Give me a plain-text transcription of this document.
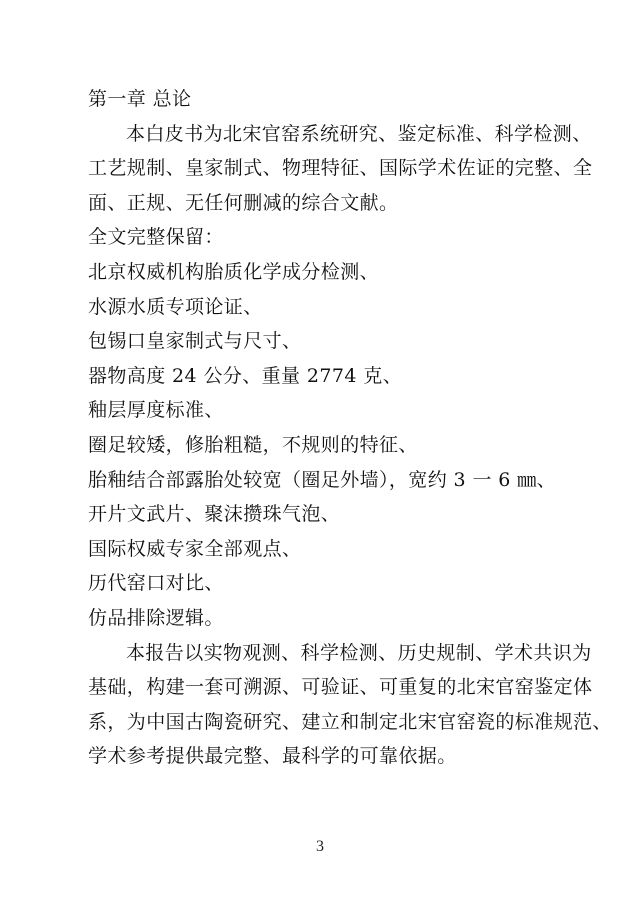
第一章 总论

本白皮书为北宋官窑系统研究、鉴定标准、科学检测、

工艺规制、皇家制式、物理特征、国际学术佐证的完整、全

面、正规、无任何删减的综合文献。

全文完整保留：

北京权威机构胎质化学成分检测、

水源水质专项论证、

包锡口皇家制式与尺寸、

器物高度 24 公分、重量 2774 克、

釉层厚度标准、

圈足较矮，修胎粗糙，不规则的特征、

胎釉结合部露胎处较宽（圈足外墙），宽约 3 一 6 ㎜、

开片文武片、聚沫攒珠气泡、

国际权威专家全部观点、

历代窑口对比、

仿品排除逻辑。

本报告以实物观测、科学检测、历史规制、学术共识为

基础，构建一套可溯源、可验证、可重复的北宋官窑鉴定体

系，为中国古陶瓷研究、建立和制定北宋官窑瓷的标准规范、

学术参考提供最完整、最科学的可靠依据。

3
